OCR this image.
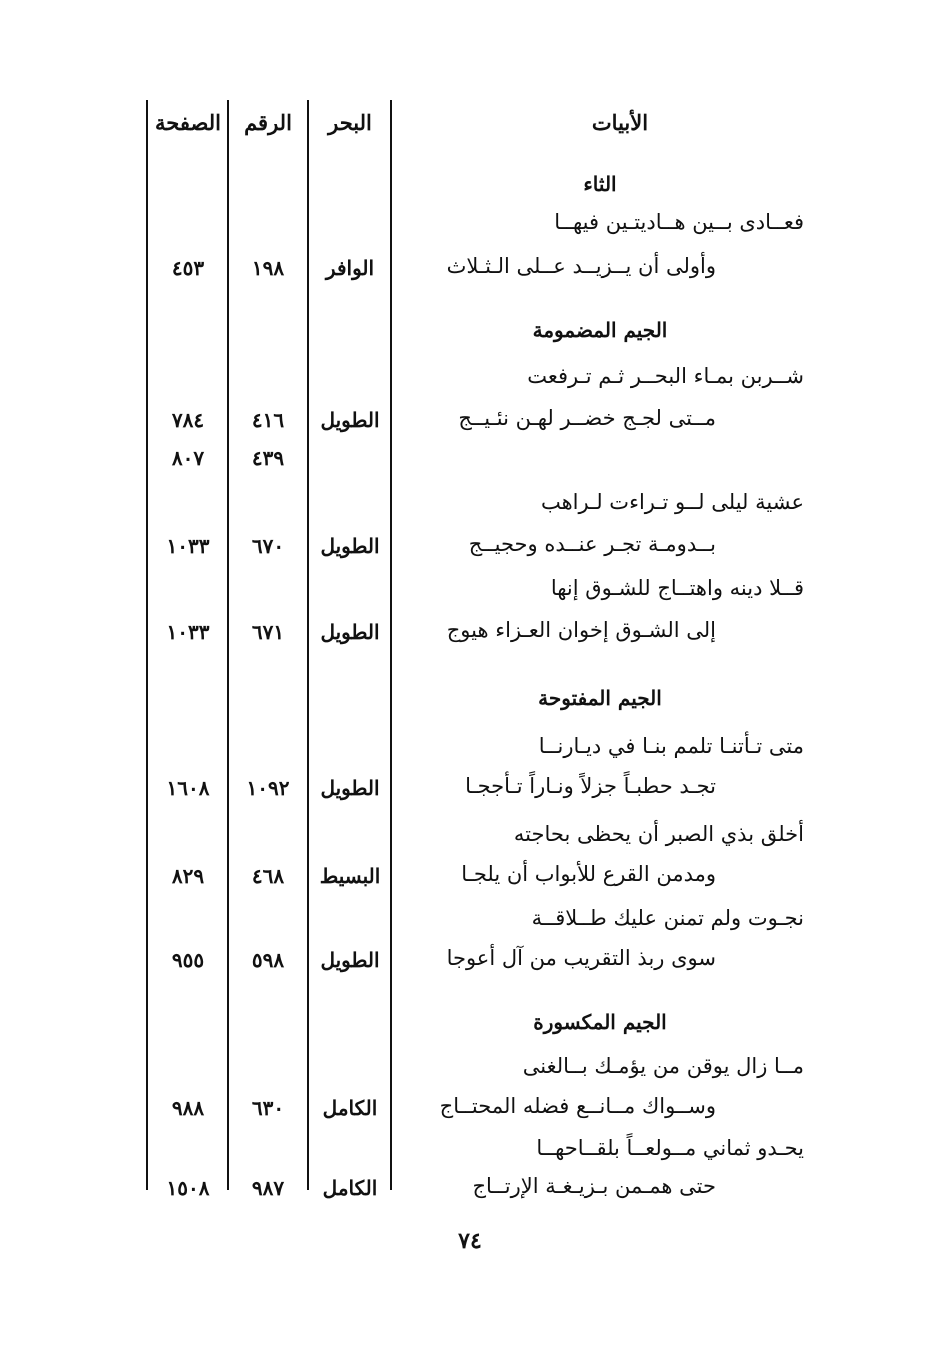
الأبيات
البحر
الرقم
الصفحة
الثاء
فعــادى بــين هــاديتـين فيهــا
وأولى أن يــزيــد عــلى الـثـلاث
الوافر
١٩٨
٤٥٣
الجيم المضمومة
شــربن بمـاء البحــر ثـم تـرفعت
مــتى لجـج خضــر لهـن نئـيــج
الطويل
٤١٦
٧٨٤
٤٣٩
٨٠٧
عشية ليلى لــو تـراءت لـراهب
بــدومـة تجـر عنــده وحجيــج
الطويل
٦٧٠
١٠٣٣
قــلا دينه واهتــاج للشـوق إنها
إلى الشـوق إخوان العـزاء هيوج
الطويل
٦٧١
١٠٣٣
الجيم المفتوحة
متى تـأتنـا تلمم بنـا في ديـارنــا
تجـد حطبـاً جزلاً ونـاراً تـأججـا
الطويل
١٠٩٢
١٦٠٨
أخلق بذي الصبر أن يحظى بحاجته
ومدمن القرع للأبواب أن يلجـا
البسيط
٤٦٨
٨٢٩
نجـوت ولم تمنن عليك طــلاقــة
سوى ربذ التقريب من آل أعوجا
الطويل
٥٩٨
٩٥٥
الجيم المكسورة
مــا زال يوقن من يؤمـك بــالغنى
وســواك مــانــع فضله المحتــاج
الكامل
٦٣٠
٩٨٨
يحـدو ثماني مــولعــاً بلقــاحهــا
حتى همـمن بـزيـغـة الإرتــاج
الكامل
٩٨٧
١٥٠٨
٧٤
